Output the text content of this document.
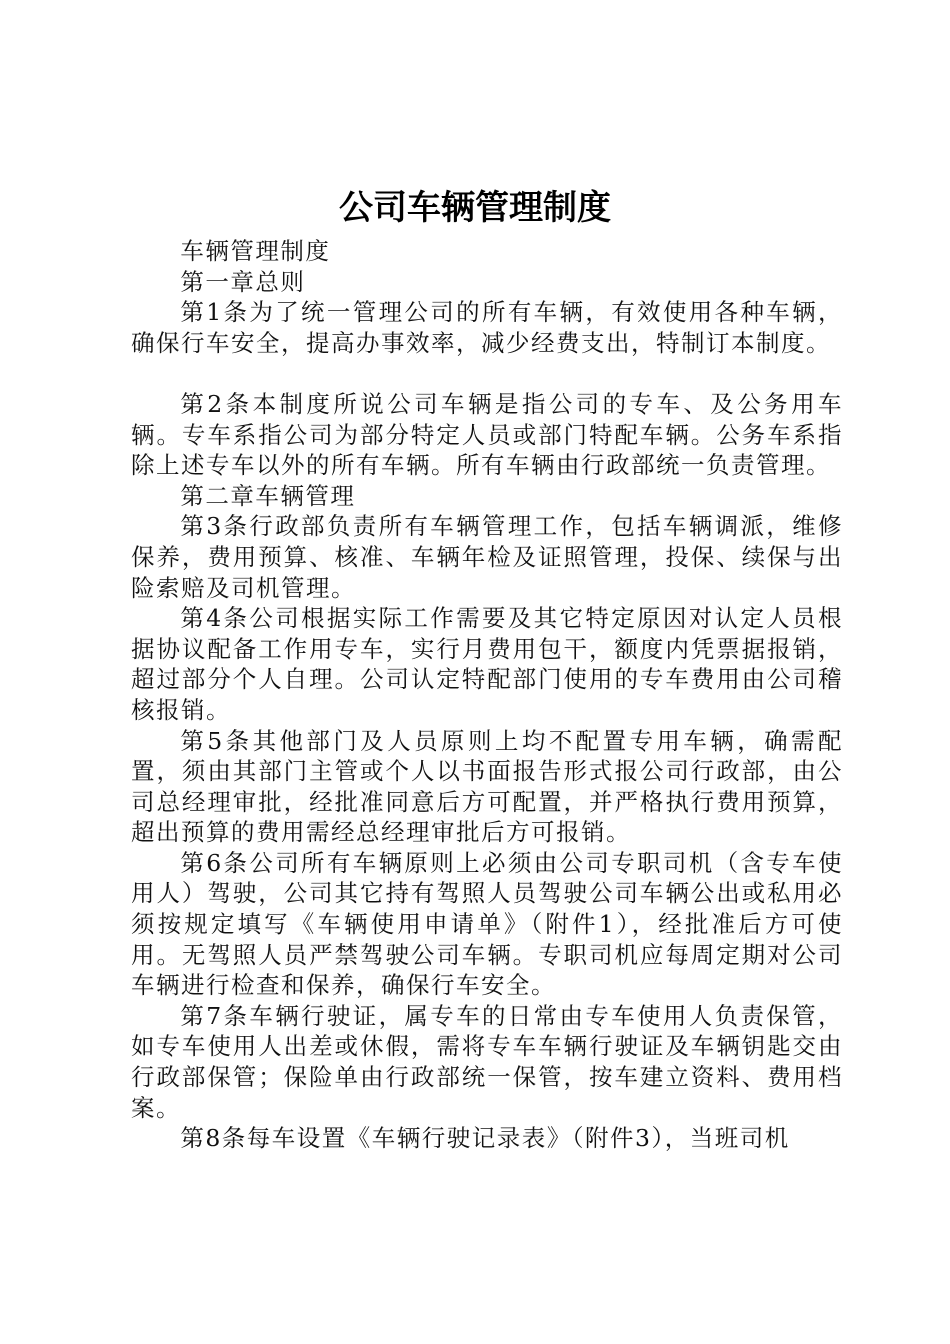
公司车辆管理制度

车辆管理制度

第一章总则

第1条为了统一管理公司的所有车辆，有效使用各种车辆，确保行车安全，提高办事效率，减少经费支出，特制订本制度。

第2条本制度所说公司车辆是指公司的专车、及公务用车辆。专车系指公司为部分特定人员或部门特配车辆。公务车系指除上述专车以外的所有车辆。所有车辆由行政部统一负责管理。

第二章车辆管理

第3条行政部负责所有车辆管理工作，包括车辆调派，维修保养，费用预算、核准、车辆年检及证照管理，投保、续保与出险索赔及司机管理。

第4条公司根据实际工作需要及其它特定原因对认定人员根据协议配备工作用专车，实行月费用包干，额度内凭票据报销，超过部分个人自理。公司认定特配部门使用的专车费用由公司稽核报销。

第5条其他部门及人员原则上均不配置专用车辆，确需配置，须由其部门主管或个人以书面报告形式报公司行政部，由公司总经理审批，经批准同意后方可配置，并严格执行费用预算，超出预算的费用需经总经理审批后方可报销。

第6条公司所有车辆原则上必须由公司专职司机（含专车使用人）驾驶，公司其它持有驾照人员驾驶公司车辆公出或私用必须按规定填写《车辆使用申请单》（附件1），经批准后方可使用。无驾照人员严禁驾驶公司车辆。专职司机应每周定期对公司车辆进行检查和保养，确保行车安全。

第7条车辆行驶证，属专车的日常由专车使用人负责保管，如专车使用人出差或休假，需将专车车辆行驶证及车辆钥匙交由行政部保管；保险单由行政部统一保管，按车建立资料、费用档案。

第8条每车设置《车辆行驶记录表》（附件3），当班司机
